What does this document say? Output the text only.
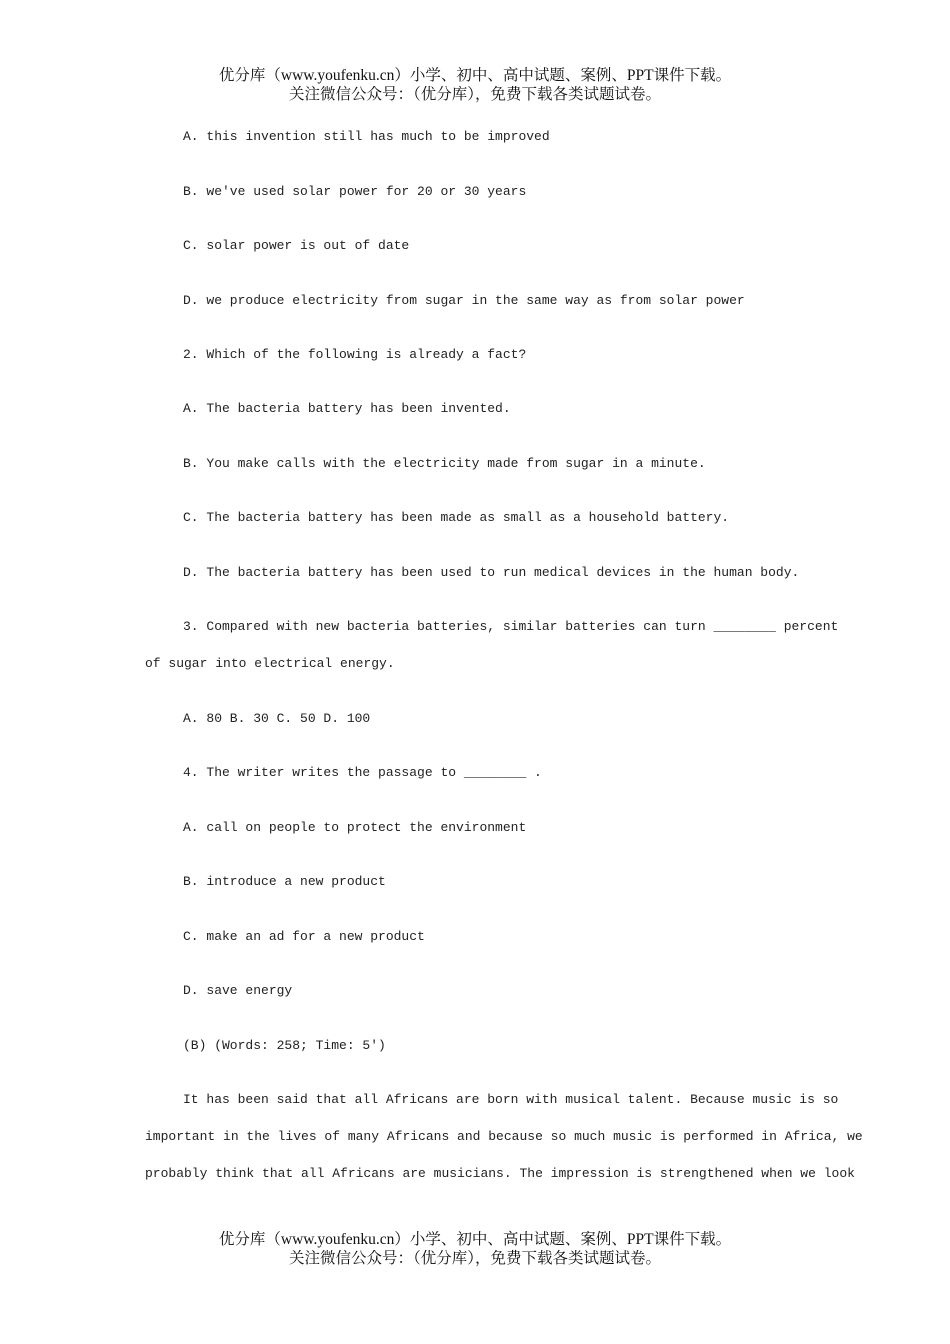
优分库（www.youfenku.cn）小学、初中、高中试题、案例、PPT课件下载。
关注微信公众号：（优分库），免费下载各类试题试卷。
A. this invention still has much to be improved
B. we've used solar power for 20 or 30 years
C. solar power is out of date
D. we produce electricity from sugar in the same way as from solar power
2. Which of the following is already a fact?
A. The bacteria battery has been invented.
B. You make calls with the electricity made from sugar in a minute.
C. The bacteria battery has been made as small as a household battery.
D. The bacteria battery has been used to run medical devices in the human body.
3. Compared with new bacteria batteries, similar batteries can turn ________ percent
of sugar into electrical energy.
A. 80 B. 30 C. 50 D. 100
4. The writer writes the passage to ________ .
A. call on people to protect the environment
B. introduce a new product
C. make an ad for a new product
D. save energy
(B) (Words: 258; Time: 5')
It has been said that all Africans are born with musical talent. Because music is so
important in the lives of many Africans and because so much music is performed in Africa, we
probably think that all Africans are musicians. The impression is strengthened when we look
优分库（www.youfenku.cn）小学、初中、高中试题、案例、PPT课件下载。
关注微信公众号：（优分库），免费下载各类试题试卷。
